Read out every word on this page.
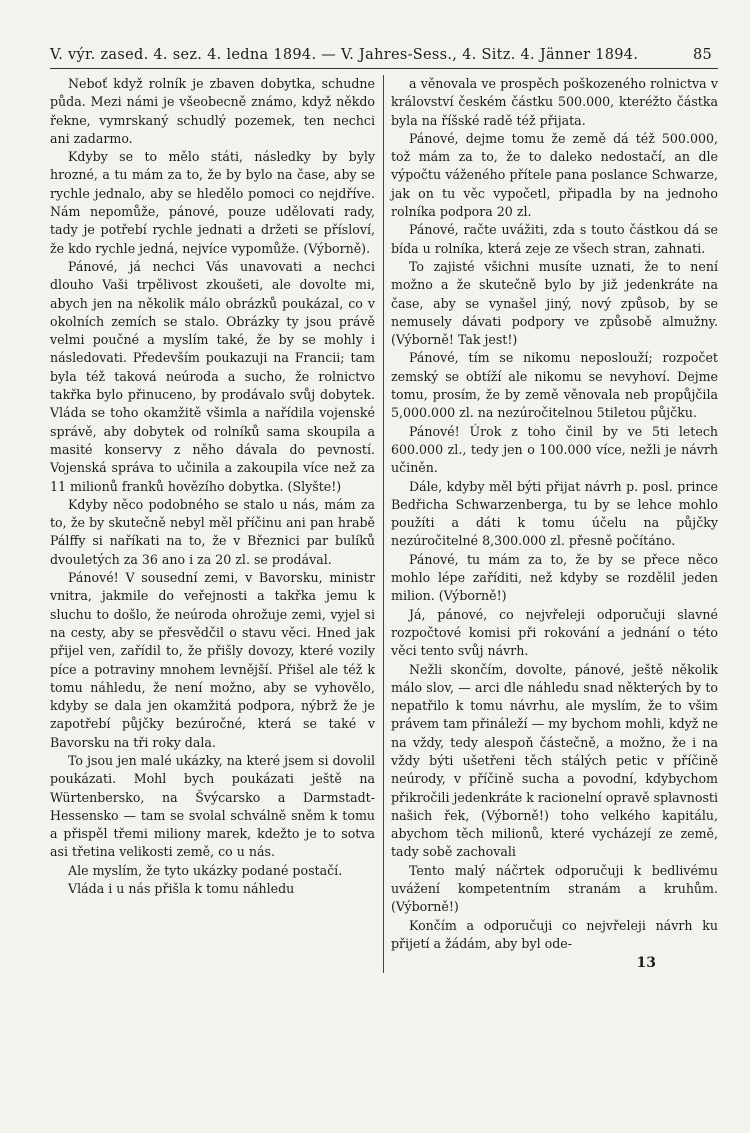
V. výr. zased. 4. sez. 4. ledna 1894. — V. Jahres-Sess., 4. Sitz. 4. Jänner 1894.	85

Neboť když rolník je zbaven dobytka, schudne půda. Mezi námi je všeobecně známo, když někdo řekne, vymrskaný schudlý pozemek, ten nechci ani zadarmo.

Kdyby se to mělo státi, následky by byly hrozné, a tu mám za to, že by bylo na čase, aby se rychle jednalo, aby se hledělo pomoci co nejdříve. Nám nepomůže, pánové, pouze udělovati rady, tady je potřebí rychle jednati a držeti se přísloví, že kdo rychle jedná, nejvíce vypomůže. (Výborně).

Pánové, já nechci Vás unavovati a nechci dlouho Vaši trpělivost zkoušeti, ale dovolte mi, abych jen na několik málo obrázků poukázal, co v okolních zemích se stalo. Obrázky ty jsou právě velmi poučné a myslím také, že by se mohly i následovati. Především poukazuji na Francii; tam byla též taková neúroda a sucho, že rolnictvo takřka bylo přinuceno, by prodávalo svůj dobytek. Vláda se toho okamžitě všimla a nařídila vojenské správě, aby dobytek od rolníků sama skoupila a masité konservy z něho dávala do pevností. Vojenská správa to učinila a zakoupila více než za 11 milionů franků hovězího dobytka. (Slyšte!)

Kdyby něco podobného se stalo u nás, mám za to, že by skutečně nebyl měl příčinu ani pan hrabě Pálffy si naříkati na to, že v Březnici par bulíků dvouletých za 36 ano i za 20 zl. se prodával.

Pánové! V sousední zemi, v Bavorsku, ministr vnitra, jakmile do veřejnosti a takřka jemu k sluchu to došlo, že neúroda ohrožuje zemi, vyjel si na cesty, aby se přesvědčil o stavu věci. Hned jak přijel ven, zařídil to, že přišly dovozy, které vozily píce a potraviny mnohem levnější. Přišel ale též k tomu náhledu, že není možno, aby se vyhovělo, kdyby se dala jen okamžitá podpora, nýbrž že je zapotřebí půjčky bezúročné, která se také v Bavorsku na tři roky dala.

To jsou jen malé ukázky, na které jsem si dovolil poukázati. Mohl bych poukázati ještě na Würtenbersko, na Švýcarsko a Darmstadt-Hessensko — tam se svolal schválně sněm k tomu a přispěl třemi miliony marek, kdežto je to sotva asi třetina velikosti země, co u nás.

Ale myslím, že tyto ukázky podané postačí.

Vláda i u nás přišla k tomu náhledu

a věnovala ve prospěch poškozeného rolnictva v království českém částku 500.000, kteréžto částka byla na říšské radě též přijata.

Pánové, dejme tomu že země dá též 500.000, tož mám za to, že to daleko nedostačí, an dle výpočtu váženého přítele pana poslance Schwarze, jak on tu věc vypočetl, připadla by na jednoho rolníka podpora 20 zl.

Pánové, račte uvážiti, zda s touto částkou dá se bída u rolníka, která zeje ze všech stran, zahnati.

To zajisté všichni musíte uznati, že to není možno a že skutečně bylo by již jedenkráte na čase, aby se vynašel jiný, nový způsob, by se nemusely dávati podpory ve způsobě almužny. (Výborně! Tak jest!)

Pánové, tím se nikomu neposlouží; rozpočet zemský se obtíží ale nikomu se nevyhoví. Dejme tomu, prosím, že by země věnovala neb propůjčila 5,000.000 zl. na nezúročitelnou 5tiletou půjčku.

Pánové! Úrok z toho činil by ve 5ti letech 600.000 zl., tedy jen o 100.000 více, nežli je návrh učiněn.

Dále, kdyby měl býti přijat návrh p. posl. prince Bedřicha Schwarzenberga, tu by se lehce mohlo použíti a dáti k tomu účelu na půjčky nezúročitelné 8,300.000 zl. přesně počítáno.

Pánové, tu mám za to, že by se přece něco mohlo lépe zaříditi, než kdyby se rozdělil jeden milion. (Výborně!)

Já, pánové, co nejvřeleji odporučuji slavné rozpočtové komisi při rokování a jednání o této věci tento svůj návrh.

Nežli skončím, dovolte, pánové, ještě několik málo slov, — arci dle náhledu snad některých by to nepatřilo k tomu návrhu, ale myslím, že to všim právem tam přináleží — my bychom mohli, když ne na vždy, tedy alespoň částečně, a možno, že i na vždy býti ušetřeni těch stálých petic v příčině neúrody, v příčině sucha a povodní, kdybychom přikročili jedenkráte k racionelní opravě splavnosti našich řek, (Výborně!) toho velkého kapitálu, abychom těch milionů, které vycházejí ze země, tady sobě zachovali

Tento malý náčrtek odporučuji k bedlivému uvážení kompetentním stranám a kruhům. (Výborně!)

Končím a odporučuji co nejvřeleji návrh ku přijetí a žádám, aby byl ode-

13
